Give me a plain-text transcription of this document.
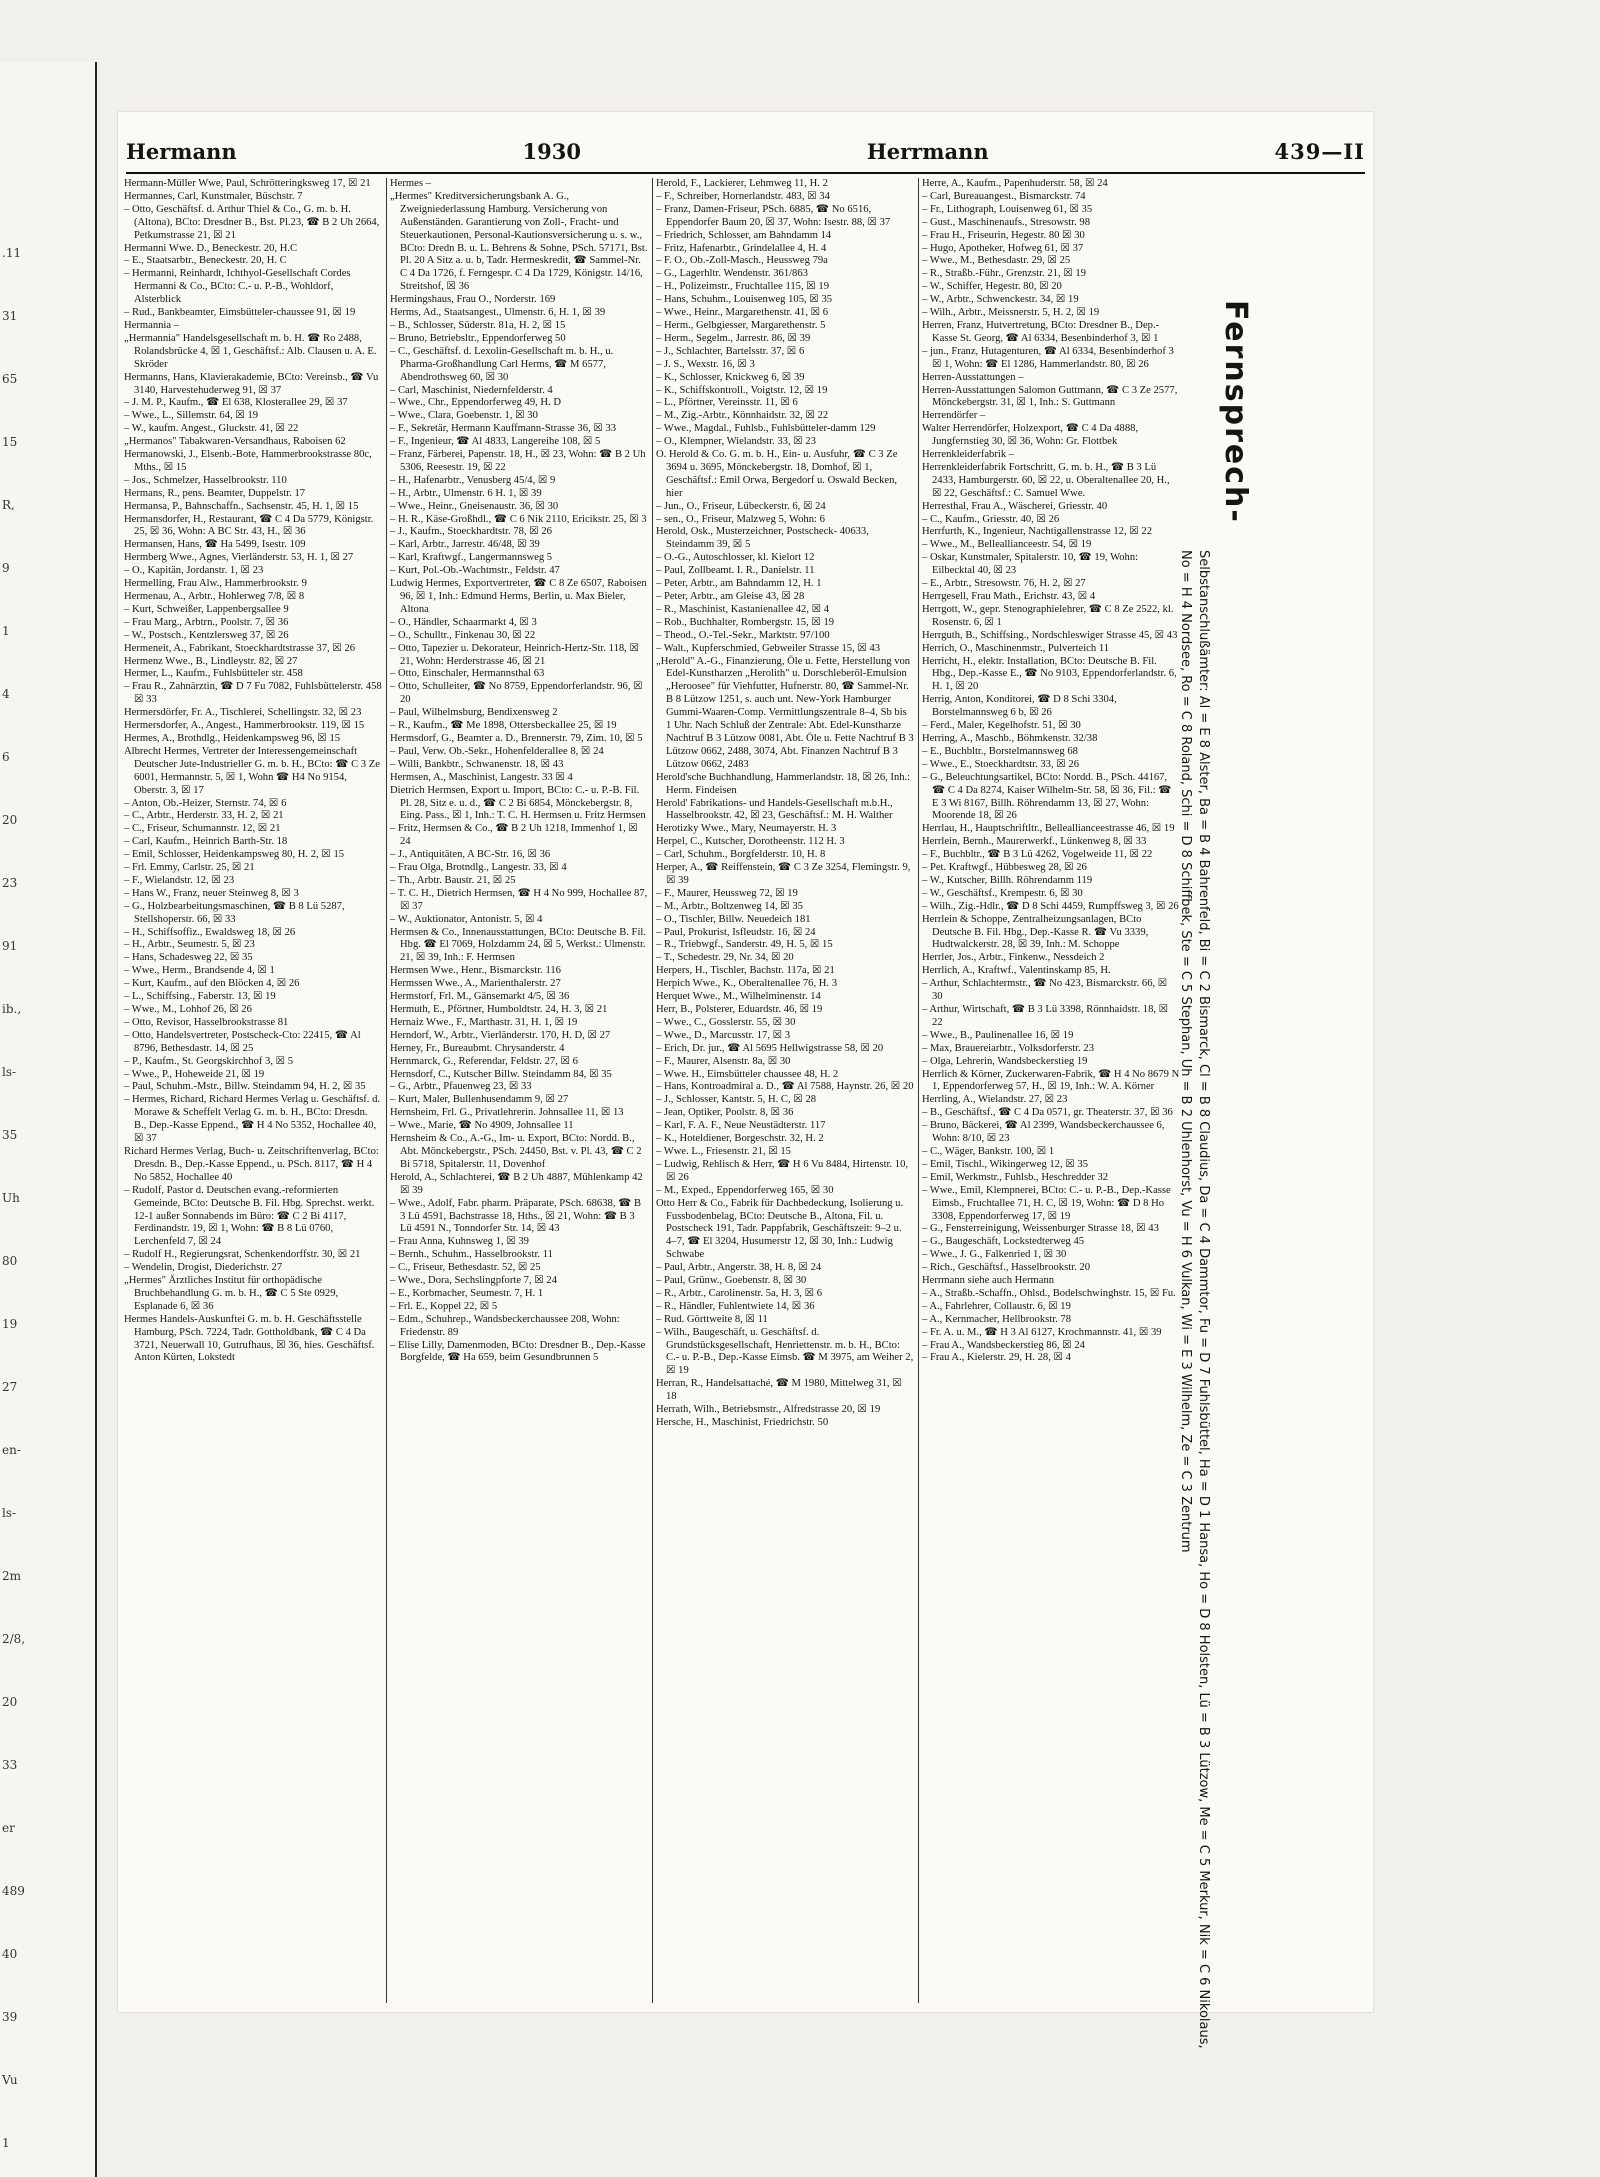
.11
31
65
15
R,
9
1
4
6
20
23
91
ib.,
ls-
35
Uh
80
19
27
en-
ls-
2m
2/8,
20
33
er
489
40
39
Vu
1
Hermann	1930	Herrmann	439—II

Hermann-Müller Wwe, Paul, Schrötteringksweg 17, ☒ 21

Hermannes, Carl, Kunstmaler, Büschstr. 7

– Otto, Geschäftsf. d. Arthur Thiel & Co., G. m. b. H. (Altona), BCto: Dresdner B., Bst. Pl.23, ☎ B 2 Uh 2664, Petkumstrasse 21, ☒ 21

Hermanni Wwe. D., Beneckestr. 20, H.C

– E., Staatsarbtr., Beneckestr. 20, H. C

– Hermanni, Reinhardt, Ichthyol-Gesellschaft Cordes Hermanni & Co., BCto: C.- u. P.-B., Wohldorf, Alsterblick

– Rud., Bankbeamter, Eimsbütteler-chaussee 91, ☒ 19

Hermannia –

„Hermannia" Handelsgesellschaft m. b. H. ☎ Ro 2488, Rolandsbrücke 4, ☒ 1, Geschäftsf.: Alb. Clausen u. A. E. Skröder

Hermanns, Hans, Klavierakademie, BCto: Vereinsb., ☎ Vu 3140, Harvestehuderweg 91, ☒ 37

– J. M. P., Kaufm., ☎ El 638, Klosterallee 29, ☒ 37

– Wwe., L., Sillemstr. 64, ☒ 19

– W., kaufm. Angest., Gluckstr. 41, ☒ 22

„Hermanos" Tabakwaren-Versandhaus, Raboisen 62

Hermanowski, J., Elsenb.-Bote, Hammerbrookstrasse 80c, Mths., ☒ 15

– Jos., Schmelzer, Hasselbrookstr. 110

Hermans, R., pens. Beamter, Duppelstr. 17

Hermansa, P., Bahnschaffn., Sachsenstr. 45, H. 1, ☒ 15

Hermansdorfer, H., Restaurant, ☎ C 4 Da 5779, Königstr. 25, ☒ 36, Wohn: A BC Str. 43, H., ☒ 36

Hermansen, Hans, ☎ Ha 5499, Isestr. 109

Hermberg Wwe., Agnes, Vierländerstr. 53, H. 1, ☒ 27

– O., Kapitän, Jordanstr. 1, ☒ 23

Hermelling, Frau Alw., Hammerbrookstr. 9

Hermenau, A., Arbtr., Hohlerweg 7/8, ☒ 8

– Kurt, Schweißer, Lappenbergsallee 9

– Frau Marg., Arbtrn., Poolstr. 7, ☒ 36

– W., Postsch., Kentzlersweg 37, ☒ 26

Hermeneit, A., Fabrikant, Stoeckhardtstrasse 37, ☒ 26

Hermenz Wwe., B., Lindleystr. 82, ☒ 27

Hermer, L., Kaufm., Fuhlsbütteler str. 458

– Frau R., Zahnärztin, ☎ D 7 Fu 7082, Fuhlsbüttelerstr. 458 ☒ 33

Hermersdörfer, Fr. A., Tischlerei, Schellingstr. 32, ☒ 23

Hermersdorfer, A., Angest., Hammerbrookstr. 119, ☒ 15

Hermes, A., Brothdlg., Heidenkampsweg 96, ☒ 15

Albrecht Hermes, Vertreter der Interessengemeinschaft Deutscher Jute-Industrieller G. m. b. H., BCto: ☎ C 3 Ze 6001, Hermannstr. 5, ☒ 1, Wohn ☎ H4 No 9154, Oberstr. 3, ☒ 17

– Anton, Ob.-Heizer, Sternstr. 74, ☒ 6

– C., Arbtr., Herderstr. 33, H. 2, ☒ 21

– C., Friseur, Schumannstr. 12, ☒ 21

– Carl, Kaufm., Heinrich Barth-Str. 18

– Emil, Schlosser, Heidenkampsweg 80, H. 2, ☒ 15

– Frl. Emmy, Carlstr. 25, ☒ 21

– F., Wielandstr. 12, ☒ 23

– Hans W., Franz, neuer Steinweg 8, ☒ 3

– G., Holzbearbeitungsmaschinen, ☎ B 8 Lü 5287, Stellshoperstr. 66, ☒ 33

– H., Schiffsoffiz., Ewaldsweg 18, ☒ 26

– H., Arbtr., Seumestr. 5, ☒ 23

– Hans, Schadesweg 22, ☒ 35

– Wwe., Herm., Brandsende 4, ☒ 1

– Kurt, Kaufm., auf den Blöcken 4, ☒ 26

– L., Schiffsing., Faberstr. 13, ☒ 19

– Wwe., M., Lohhof 26, ☒ 26

– Otto, Revisor, Hasselbrookstrasse 81

– Otto, Handelsvertreter, Postscheck-Cto: 22415, ☎ Al 8796, Bethesdastr. 14, ☒ 25

– P., Kaufm., St. Georgskirchhof 3, ☒ 5

– Wwe., P., Hoheweide 21, ☒ 19

– Paul, Schuhm.-Mstr., Billw. Steindamm 94, H. 2, ☒ 35

– Hermes, Richard, Richard Hermes Verlag u. Geschäftsf. d. Morawe & Scheffelt Verlag G. m. b. H., BCto: Dresdn. B., Dep.-Kasse Eppend., ☎ H 4 No 5352, Hochallee 40, ☒ 37

Richard Hermes Verlag, Buch- u. Zeitschriftenverlag, BCto: Dresdn. B., Dep.-Kasse Eppend., u. PSch. 8117, ☎ H 4 No 5852, Hochallee 40

– Rudolf, Pastor d. Deutschen evang.-reformierten Gemeinde, BCto: Deutsche B. Fil. Hbg. Sprechst. werkt. 12-1 außer Sonnabends im Büro: ☎ C 2 Bi 4117, Ferdinandstr. 19, ☒ 1, Wohn: ☎ B 8 Lü 0760, Lerchenfeld 7, ☒ 24

– Rudolf H., Regierungsrat, Schenkendorffstr. 30, ☒ 21

– Wendelin, Drogist, Diederichstr. 27

„Hermes" Ärztliches Institut für orthopädische Bruchbehandlung G. m. b. H., ☎ C 5 Ste 0929, Esplanade 6, ☒ 36

Hermes Handels-Auskunftei G. m. b. H. Geschäftsstelle Hamburg, PSch. 7224, Tadr. Gottholdbank, ☎ C 4 Da 3721, Neuerwall 10, Gutrufhaus, ☒ 36, hies. Geschäftsf. Anton Kürten, Lokstedt

Hermes –

„Hermes" Kreditversicherungsbank A. G., Zweigniederlassung Hamburg. Versicherung von Außenständen. Garantierung von Zoll-, Fracht- und Steuerkautionen, Personal-Kautionsversicherung u. s. w., BCto: Dredn B. u. L. Behrens & Sohne, PSch. 57171, Bst. Pl. 20 A Sitz a. u. b, Tadr. Hermeskredit, ☎ Sammel-Nr. C 4 Da 1726, f. Ferngespr. C 4 Da 1729, Königstr. 14/16, Streitshof, ☒ 36

Hermingshaus, Frau O., Norderstr. 169

Herms, Ad., Staatsangest., Ulmenstr. 6, H. 1, ☒ 39

– B., Schlosser, Süderstr. 81a, H. 2, ☒ 15

– Bruno, Betriebsltr., Eppendorferweg 50

– C., Geschäftsf. d. Lexolin-Gesellschaft m. b. H., u. Pharma-Großhandlung Carl Herms, ☎ M 6577, Abendrothsweg 60, ☒ 30

– Carl, Maschinist, Niedernfelderstr. 4

– Wwe., Chr., Eppendorferweg 49, H. D

– Wwe., Clara, Goebenstr. 1, ☒ 30

– F., Sekretär, Hermann Kauffmann-Strasse 36, ☒ 33

– F., Ingenieur, ☎ Al 4833, Langereihe 108, ☒ 5

– Franz, Färberei, Papenstr. 18, H., ☒ 23, Wohn: ☎ B 2 Uh 5306, Reesestr. 19, ☒ 22

– H., Hafenarbtr., Venusberg 45/4, ☒ 9

– H., Arbtr., Ulmenstr. 6 H. 1, ☒ 39

– Wwe., Heinr., Gneisenaustr. 36, ☒ 30

– H. R., Käse-Großhdl., ☎ C 6 Nik 2110, Ericikstr. 25, ☒ 3

– J., Kaufm., Stoeckhardtstr. 78, ☒ 26

– Karl, Arbtr., Jarrestr. 46/48, ☒ 39

– Karl, Kraftwgf., Langermannsweg 5

– Kurt, Pol.-Ob.-Wachtmstr., Feldstr. 47

Ludwig Hermes, Exportvertreter, ☎ C 8 Ze 6507, Raboisen 96, ☒ 1, Inh.: Edmund Herms, Berlin, u. Max Bieler, Altona

– O., Händler, Schaarmarkt 4, ☒ 3

– O., Schulltr., Finkenau 30, ☒ 22

– Otto, Tapezier u. Dekorateur, Heinrich-Hertz-Str. 118, ☒ 21, Wohn: Herderstrasse 46, ☒ 21

– Otto, Einschaler, Hermannsthal 63

– Otto, Schulleiter, ☎ No 8759, Eppendorferlandstr. 96, ☒ 20

– Paul, Wilhelmsburg, Bendixensweg 2

– R., Kaufm., ☎ Me 1898, Ottersbeckallee 25, ☒ 19

Hermsdorf, G., Beamter a. D., Brennerstr. 79, Zim. 10, ☒ 5

– Paul, Verw. Ob.-Sekr., Hohenfelderallee 8, ☒ 24

– Willi, Bankbtr., Schwanenstr. 18, ☒ 43

Hermsen, A., Maschinist, Langestr. 33 ☒ 4

Dietrich Hermsen, Export u. Import, BCto: C.- u. P.-B. Fil. Pl. 28, Sitz e. u. d., ☎ C 2 Bi 6854, Mönckebergstr. 8, Eing. Pass., ☒ 1, Inh.: T. C. H. Hermsen u. Fritz Hermsen

– Fritz, Hermsen & Co., ☎ B 2 Uh 1218, Immenhof 1, ☒ 24

– J., Antiquitäten, A BC-Str. 16, ☒ 36

– Frau Olga, Brotndlg., Langestr. 33, ☒ 4

– Th., Arbtr. Baustr. 21, ☒ 25

– T. C. H., Dietrich Hermsen, ☎ H 4 No 999, Hochallee 87, ☒ 37

– W., Auktionator, Antonistr. 5, ☒ 4

Hermsen & Co., Innenausstattungen, BCto: Deutsche B. Fil. Hbg. ☎ El 7069, Holzdamm 24, ☒ 5, Werkst.: Ulmenstr. 21, ☒ 39, Inh.: F. Hermsen

Hermsen Wwe., Henr., Bismarckstr. 116

Hermssen Wwe., A., Marienthalerstr. 27

Hermstorf, Frl. M., Gänsemarkt 4/5, ☒ 36

Hermuth, E., Pförtner, Humboldtstr. 24, H. 3, ☒ 21

Hernaiz Wwe., F., Marthastr. 31, H. 1, ☒ 19

Herndorf, W., Arbtr., Vierländerstr. 170, H. D, ☒ 27

Herney, Fr., Bureaubmt. Chrysanderstr. 4

Hernmarck, G., Referendar, Feldstr. 27, ☒ 6

Hernsdorf, C., Kutscher Billw. Steindamm 84, ☒ 35

– G., Arbtr., Pfauenweg 23, ☒ 33

– Kurt, Maler, Bullenhusendamm 9, ☒ 27

Hernsheim, Frl. G., Privatlehrerin. Johnsallee 11, ☒ 13

– Wwe., Marie, ☎ No 4909, Johnsallee 11

Hernsheim & Co., A.-G., Im- u. Export, BCto: Nordd. B., Abt. Mönckebergstr., PSch. 24450, Bst. v. Pl. 43, ☎ C 2 Bi 5718, Spitalerstr. 11, Dovenhof

Herold, A., Schlachterei, ☎ B 2 Uh 4887, Mühlenkamp 42 ☒ 39

– Wwe., Adolf, Fabr. pharm. Präparate, PSch. 68638, ☎ B 3 Lü 4591, Bachstrasse 18, Hths., ☒ 21, Wohn: ☎ B 3 Lü 4591 N., Tonndorfer Str. 14, ☒ 43

– Frau Anna, Kuhnsweg 1, ☒ 39

– Bernh., Schuhm., Hasselbrookstr. 11

– C., Friseur, Bethesdastr. 52, ☒ 25

– Wwe., Dora, Sechslingpforte 7, ☒ 24

– E., Korbmacher, Seumestr. 7, H. 1

– Frl. E., Koppel 22, ☒ 5

– Edm., Schuhrep., Wandsbeckerchaussee 208, Wohn: Friedenstr. 89

– Elise Lilly, Damenmoden, BCto: Dresdner B., Dep.-Kasse Borgfelde, ☎ Ha 659, beim Gesundbrunnen 5

Herold, F., Lackierer, Lehmweg 11, H. 2

– F., Schreiber, Hornerlandstr. 483, ☒ 34

– Franz, Damen-Friseur, PSch. 6885, ☎ No 6516, Eppendorfer Baum 20, ☒ 37, Wohn: Isestr. 88, ☒ 37

– Friedrich, Schlosser, am Bahndamm 14

– Fritz, Hafenarbtr., Grindelallee 4, H. 4

– F. O., Ob.-Zoll-Masch., Heussweg 79a

– G., Lagerhltr. Wendenstr. 361/863

– H., Polizeimstr., Fruchtallee 115, ☒ 19

– Hans, Schuhm., Louisenweg 105, ☒ 35

– Wwe., Heinr., Margarethenstr. 41, ☒ 6

– Herm., Gelbgiesser, Margarethenstr. 5

– Herm., Segelm., Jarrestr. 86, ☒ 39

– J., Schlachter, Bartelsstr. 37, ☒ 6

– J. S., Wexstr. 16, ☒ 3

– K., Schlosser, Knickweg 6, ☒ 39

– K., Schiffskontroll., Voigtstr. 12, ☒ 19

– L., Pförtner, Vereinsstr. 11, ☒ 6

– M., Zig.-Arbtr., Könnhaidstr. 32, ☒ 22

– Wwe., Magdal., Fuhlsb., Fuhlsbütteler-damm 129

– O., Klempner, Wielandstr. 33, ☒ 23

O. Herold & Co. G. m. b. H., Ein- u. Ausfuhr, ☎ C 3 Ze 3694 u. 3695, Mönckebergstr. 18, Domhof, ☒ 1, Geschäftsf.: Emil Orwa, Bergedorf u. Oswald Becken, hier

– Jun., O., Friseur, Lübeckerstr. 6, ☒ 24

– sen., O., Friseur, Malzweg 5, Wohn: 6

Herold, Osk., Musterzeichner, Postscheck- 40633, Steindamm 39, ☒ 5

– O.-G., Autoschlosser, kl. Kielort 12

– Paul, Zollbeamt. I. R., Danielstr. 11

– Peter, Arbtr., am Bahndamm 12, H. 1

– Peter, Arbtr., am Gleise 43, ☒ 28

– R., Maschinist, Kastanienallee 42, ☒ 4

– Rob., Buchhalter, Rombergstr. 15, ☒ 19

– Theod., O.-Tel.-Sekr., Marktstr. 97/100

– Walt., Kupferschmied, Gebweiler Strasse 15, ☒ 43

„Herold" A.-G., Finanzierung, Öle u. Fette, Herstellung von Edel-Kunstharzen „Herolith" u. Dorschleberöl-Emulsion „Heroosee" für Viehfutter, Hufnerstr. 80, ☎ Sammel-Nr. B 8 Lützow 1251, s. auch unt. New-York Hamburger Gummi-Waaren-Comp. Vermittlungszentrale 8–4, Sb bis 1 Uhr. Nach Schluß der Zentrale: Abt. Edel-Kunstharze Nachtruf B 3 Lützow 0081, Abt. Öle u. Fette Nachtruf B 3 Lützow 0662, 2488, 3074, Abt. Finanzen Nachtruf B 3 Lützow 0662, 2483

Herold'sche Buchhandlung, Hammerlandstr. 18, ☒ 26, Inh.: Herm. Findeisen

Herold' Fabrikations- und Handels-Gesellschaft m.b.H., Hasselbrookstr. 42, ☒ 23, Geschäftsf.: M. H. Walther

Herotizky Wwe., Mary, Neumayerstr. H. 3

Herpel, C., Kutscher, Dorotheenstr. 112 H. 3

– Carl, Schuhm., Borgfelderstr. 10, H. 8

Herper, A., ☎ Reiffenstein, ☎ C 3 Ze 3254, Flemingstr. 9, ☒ 39

– F., Maurer, Heussweg 72, ☒ 19

– M., Arbtr., Boltzenweg 14, ☒ 35

– O., Tischler, Billw. Neuedeich 181

– Paul, Prokurist, Isfleudstr. 16, ☒ 24

– R., Triebwgf., Sanderstr. 49, H. 5, ☒ 15

– T., Schedestr. 29, Nr. 34, ☒ 20

Herpers, H., Tischler, Bachstr. 117a, ☒ 21

Herpich Wwe., K., Oberaltenallee 76, H. 3

Herquet Wwe., M., Wilhelminenstr. 14

Herr, B., Polsterer, Eduardstr. 46, ☒ 19

– Wwe., C., Gosslerstr. 55, ☒ 30

– Wwe., D., Marcusstr. 17, ☒ 3

– Erich, Dr. jur., ☎ Al 5695 Hellwigstrasse 58, ☒ 20

– F., Maurer, Alsenstr. 8a, ☒ 30

– Wwe. H., Eimsbütteler chaussee 48, H. 2

– Hans, Kontroadmiral a. D., ☎ Al 7588, Haynstr. 26, ☒ 20

– J., Schlosser, Kantstr. 5, H. C, ☒ 28

– Jean, Optiker, Poolstr. 8, ☒ 36

– Karl, F. A. F., Neue Neustädterstr. 117

– K., Hoteldiener, Borgeschstr. 32, H. 2

– Wwe. L., Friesenstr. 21, ☒ 15

– Ludwig, Rehlisch & Herr, ☎ H 6 Vu 8484, Hirtenstr. 10, ☒ 26

– M., Exped., Eppendorferweg 165, ☒ 30

Otto Herr & Co., Fabrik für Dachbedeckung, Isolierung u. Fussbodenbelag, BCto: Deutsche B., Altona, Fil. u. Postscheck 191, Tadr. Pappfabrik, Geschäftszeit: 9–2 u. 4–7, ☎ El 3204, Husumerstr 12, ☒ 30, Inh.: Ludwig Schwabe

– Paul, Arbtr., Angerstr. 38, H. 8, ☒ 24

– Paul, Grünw., Goebenstr. 8, ☒ 30

– R., Arbtr., Carolinenstr. 5a, H. 3, ☒ 6

– R., Händler, Fuhlentwiete 14, ☒ 36

– Rud. Görttweite 8, ☒ 11

– Wilh., Baugeschäft, u. Geschäftsf. d. Grundstücksgesellschaft, Henriettenstr. m. b. H., BCto: C.- u. P.-B., Dep.-Kasse Eimsb. ☎ M 3975, am Weiher 2, ☒ 19

Herran, R., Handelsattaché, ☎ M 1980, Mittelweg 31, ☒ 18

Herrath, Wilh., Betriebsmstr., Alfredstrasse 20, ☒ 19

Hersche, H., Maschinist, Friedrichstr. 50

Herre, A., Kaufm., Papenhuderstr. 58, ☒ 24

– Carl, Bureauangest., Bismarckstr. 74

– Fr., Lithograph, Louisenweg 61, ☒ 35

– Gust., Maschinenaufs., Stresowstr. 98

– Frau H., Friseurin, Hegestr. 80 ☒ 30

– Hugo, Apotheker, Hofweg 61, ☒ 37

– Wwe., M., Bethesdastr. 29, ☒ 25

– R., Straßb.-Führ., Grenzstr. 21, ☒ 19

– W., Schiffer, Hegestr. 80, ☒ 20

– W., Arbtr., Schwenckestr. 34, ☒ 19

– Wilh., Arbtr., Meissnerstr. 5, H. 2, ☒ 19

Herren, Franz, Hutvertretung, BCto: Dresdner B., Dep.-Kasse St. Georg, ☎ Al 6334, Besenbinderhof 3, ☒ 1

– jun., Franz, Hutagenturen, ☎ Al 6334, Besenbinderhof 3 ☒ 1, Wohn: ☎ El 1286, Hammerlandstr. 80, ☒ 26

Herren-Ausstattungen –

Herren-Ausstattungen Salomon Guttmann, ☎ C 3 Ze 2577, Mönckebergstr. 31, ☒ 1, Inh.: S. Guttmann

Herrendörfer –

Walter Herrendörfer, Holzexport, ☎ C 4 Da 4888, Jungfernstieg 30, ☒ 36, Wohn: Gr. Flottbek

Herrenkleiderfabrik –

Herrenkleiderfabrik Fortschritt, G. m. b. H., ☎ B 3 Lü 2433, Hamburgerstr. 60, ☒ 22, u. Oberaltenallee 20, H., ☒ 22, Geschäftsf.: C. Samuel Wwe.

Herresthal, Frau A., Wäscherei, Griesstr. 40

– C., Kaufm., Griesstr. 40, ☒ 26

Herrfurth, K., Ingenieur, Nachtigallenstrasse 12, ☒ 22

– Wwe., M., Belleallianceestr. 54, ☒ 19

– Oskar, Kunstmaler, Spitalerstr. 10, ☎ 19, Wohn: Eilbecktal 40, ☒ 23

– E., Arbtr., Stresowstr. 76, H. 2, ☒ 27

Herrgesell, Frau Math., Erichstr. 43, ☒ 4

Herrgott, W., gepr. Stenographielehrer, ☎ C 8 Ze 2522, kl. Rosenstr. 6, ☒ 1

Herrguth, B., Schiffsing., Nordschleswiger Strasse 45, ☒ 43

Herrich, O., Maschinenmstr., Pulverteich 11

Herricht, H., elektr. Installation, BCto: Deutsche B. Fil. Hbg., Dep.-Kasse E., ☎ No 9103, Eppendorferlandstr. 6, H. 1, ☒ 20

Herrig, Anton, Konditorei, ☎ D 8 Schi 3304, Borstelmannsweg 6 b, ☒ 26

– Ferd., Maler, Kegelhofstr. 51, ☒ 30

Herring, A., Maschb., Böhmkenstr. 32/38

– E., Buchbltr., Borstelmannsweg 68

– Wwe., E., Stoeckhardtstr. 33, ☒ 26

– G., Beleuchtungsartikel, BCto: Nordd. B., PSch. 44167, ☎ C 4 Da 8274, Kaiser Wilhelm-Str. 58, ☒ 36, Fil.: ☎ E 3 Wi 8167, Billh. Röhrendamm 13, ☒ 27, Wohn: Moorende 18, ☒ 26

Herrlau, H., Hauptschriftltr., Belleallianceestrasse 46, ☒ 19

Herrlein, Bernh., Maurerwerkf., Lünkenweg 8, ☒ 33

– F., Buchbltr., ☎ B 3 Lü 4262, Vogelweide 11, ☒ 22

– Pet. Kraftwgf., Hübbesweg 28, ☒ 26

– W., Kutscher, Billh. Röhrendamm 119

– W., Geschäftsf., Krempestr. 6, ☒ 30

– Wilh., Zig.-Hdlr., ☎ D 8 Schi 4459, Rumpffsweg 3, ☒ 26

Herrlein & Schoppe, Zentralheizungsanlagen, BCto Deutsche B. Fil. Hbg., Dep.-Kasse R. ☎ Vu 3339, Hudtwalckerstr. 28, ☒ 39, Inh.: M. Schoppe

Herrler, Jos., Arbtr., Finkenw., Nessdeich 2

Herrlich, A., Kraftwf., Valentinskamp 85, H.

– Arthur, Schlachtermstr., ☎ No 423, Bismarckstr. 66, ☒ 30

– Arthur, Wirtschaft, ☎ B 3 Lü 3398, Rönnhaidstr. 18, ☒ 22

– Wwe., B., Paulinenallee 16, ☒ 19

– Max, Brauereiarbtr., Volksdorferstr. 23

– Olga, Lehrerin, Wandsbeckerstieg 19

Herrlich & Körner, Zuckerwaren-Fabrik, ☎ H 4 No 8679 N 1, Eppendorferweg 57, H., ☒ 19, Inh.: W. A. Körner

Herrling, A., Wielandstr. 27, ☒ 23

– B., Geschäftsf., ☎ C 4 Da 0571, gr. Theaterstr. 37, ☒ 36

– Bruno, Bäckerei, ☎ Al 2399, Wandsbeckerchaussee 6, Wohn: 8/10, ☒ 23

– C., Wäger, Bankstr. 100, ☒ 1

– Emil, Tischl., Wikingerweg 12, ☒ 35

– Emil, Werkmstr., Fuhlsb., Heschredder 32

– Wwe., Emil, Klempnerei, BCto: C.- u. P.-B., Dep.-Kasse Eimsb., Fruchtallee 71, H. C, ☒ 19, Wohn: ☎ D 8 Ho 3308, Eppendorferweg 17, ☒ 19

– G., Fensterreinigung, Weissenburger Strasse 18, ☒ 43

– G., Baugeschäft, Lockstedterweg 45

– Wwe., J. G., Falkenried 1, ☒ 30

– Rich., Geschäftsf., Hasselbrookstr. 20

Herrmann siehe auch Hermann

– A., Straßb.-Schaffn., Ohlsd., Bodelschwinghstr. 15, ☒ Fu.

– A., Fahrlehrer, Collaustr. 6, ☒ 19

– A., Kernmacher, Hellbrookstr. 78

– Fr. A. u. M., ☎ H 3 Al 6127, Krochmannstr. 41, ☒ 39

– Frau A., Wandsbeckerstieg 86, ☒ 24

– Frau A., Kielerstr. 29, H. 28, ☒ 4

Fernsprech-
Selbstanschlußämter: Al = E 8 Alster, Ba = B 4 Bahrenfeld, Bi = C 2 Bismarck, Cl = B 8 Claudius, Da = C 4 Dammtor, Fu = D 7 Fuhlsbüttel, Ha = D 1 Hansa, Ho = D 8 Holsten, Lü = B 3 Lützow, Me = C 5 Merkur, Nik = C 6 Nikolaus, No = H 4 Nordsee, Ro = C 8 Roland, Schi = D 8 Schiffbek, Ste = C 5 Stephan, Uh = B 2 Uhlenhorst, Vu = H 6 Vulkan, Wi = E 3 Wilhelm, Ze = C 3 Zentrum
